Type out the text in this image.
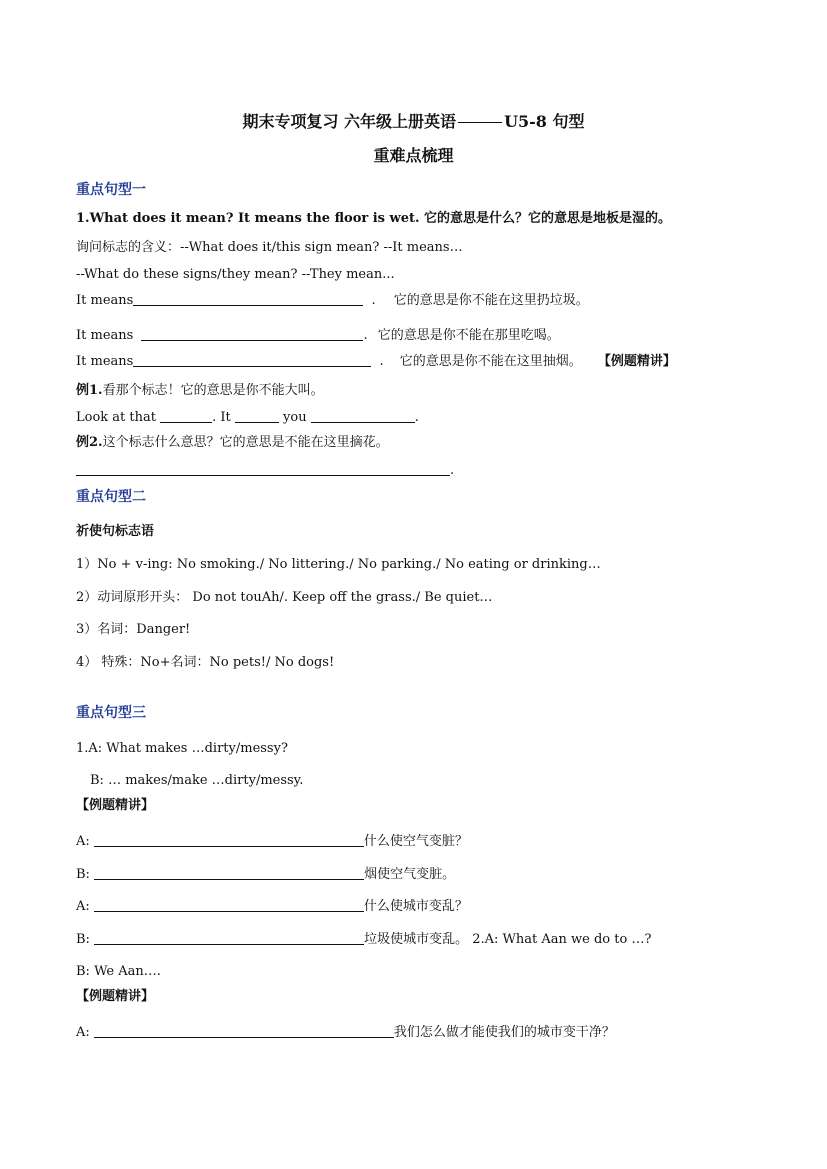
期末专项复习 六年级上册英语	U5-8 句型
重难点梳理
重点句型一
1.What does it mean? It means the floor is wet. 它的意思是什么？它的意思是地板是湿的。
询问标志的含义：--What does it/this sign mean? --It means…
--What do these signs/they mean? --They mean...
It means	. 它的意思是你不能在这里扔垃圾。
It means	. 它的意思是你不能在那里吃喝。
It means	. 它的意思是你不能在这里抽烟。 【例题精讲】
例1.看那个标志！它的意思是你不能大叫。
Look at that	. It	you	.
例2.这个标志什么意思？它的意思是不能在这里摘花。
.
重点句型二
祈使句标志语
1）No + v-ing: No smoking./ No littering./ No parking./ No eating or drinking…
2）动词原形开头： Do not touAh/. Keep off the grass./ Be quiet…
3）名词：Danger!
4） 特殊：No+名词：No pets!/ No dogs!
重点句型三
1.A: What makes …dirty/messy?
B: … makes/make …dirty/messy.
【例题精讲】
A:	什么使空气变脏？
B:	烟使空气变脏。
A:	什么使城市变乱？
B:	垃圾使城市变乱。 2.A: What Aan we do to …?
B: We Aan….
【例题精讲】
A:	我们怎么做才能使我们的城市变干净？
